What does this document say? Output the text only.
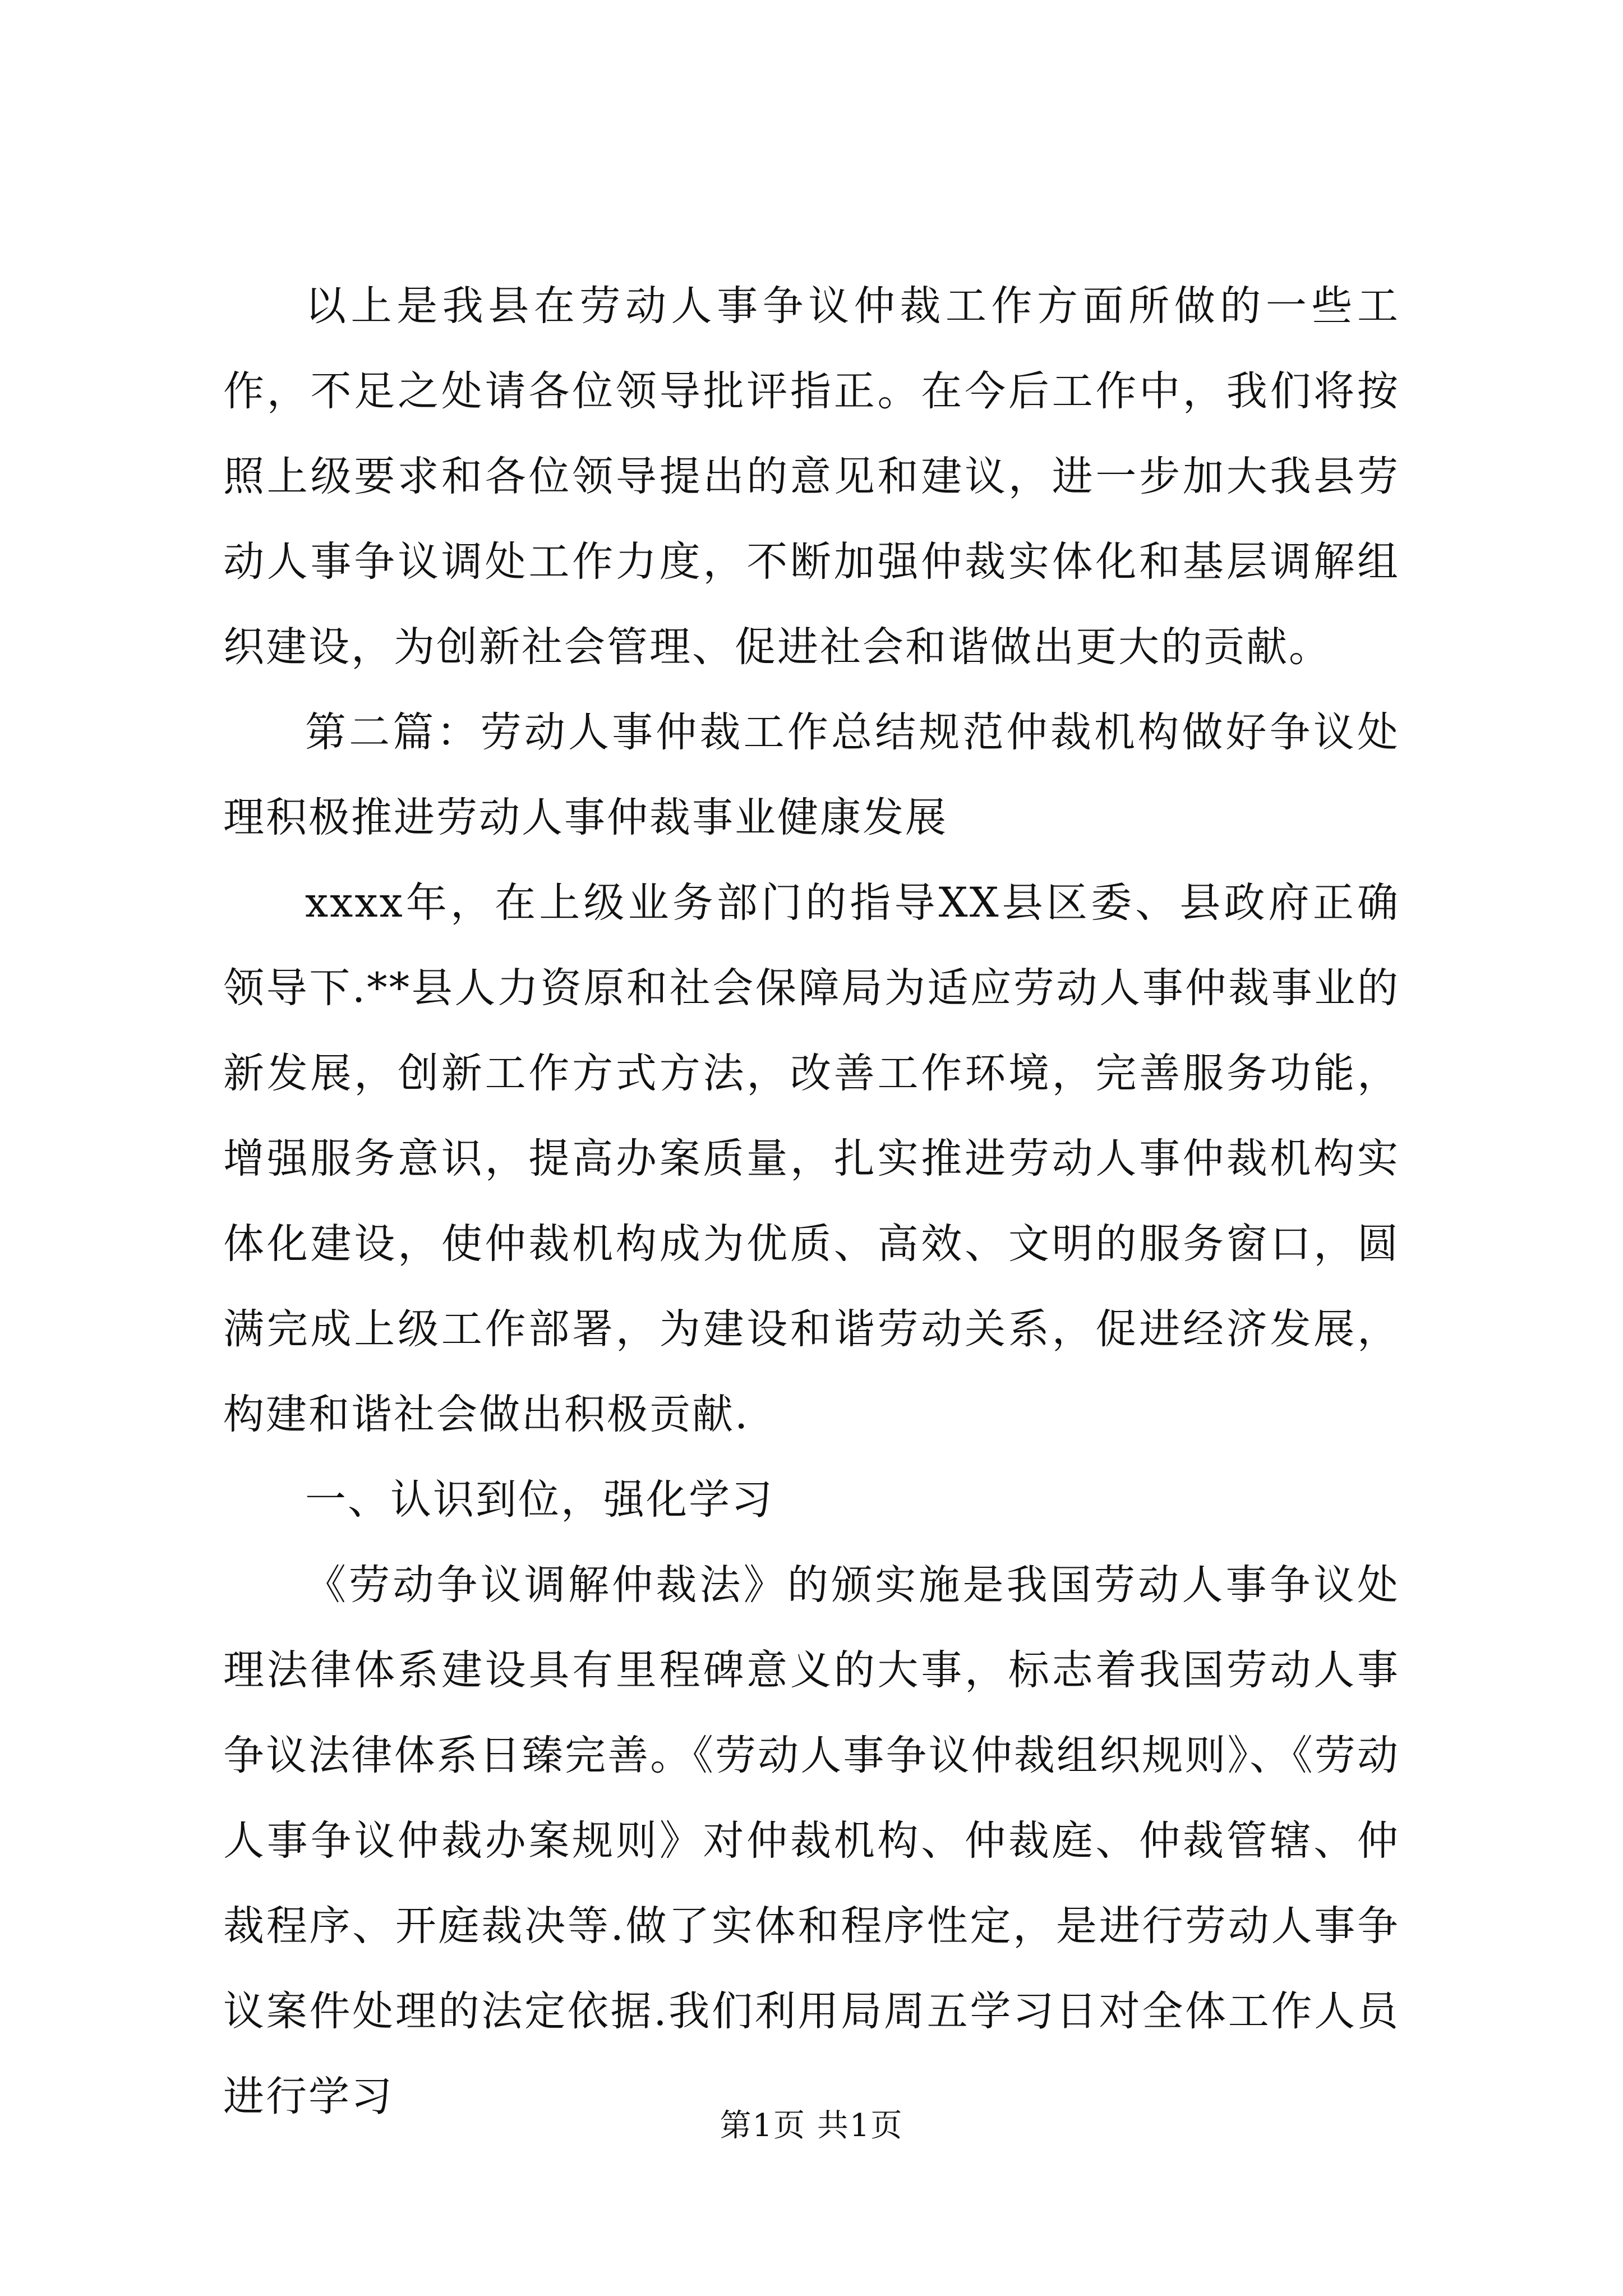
以上是我县在劳动人事争议仲裁工作方面所做的一些工作，不足之处请各位领导批评指正。在今后工作中，我们将按照上级要求和各位领导提出的意见和建议，进一步加大我县劳动人事争议调处工作力度，不断加强仲裁实体化和基层调解组织建设，为创新社会管理、促进社会和谐做出更大的贡献。

第二篇：劳动人事仲裁工作总结规范仲裁机构做好争议处理积极推进劳动人事仲裁事业健康发展

xxxx年，在上级业务部门的指导XX县区委、县政府正确领导下.**县人力资原和社会保障局为适应劳动人事仲裁事业的新发展，创新工作方式方法，改善工作环境，完善服务功能，增强服务意识，提高办案质量，扎实推进劳动人事仲裁机构实体化建设，使仲裁机构成为优质、高效、文明的服务窗口，圆满完成上级工作部署，为建设和谐劳动关系，促进经济发展，构建和谐社会做出积极贡献.

一、认识到位，强化学习

《劳动争议调解仲裁法》的颁实施是我国劳动人事争议处理法律体系建设具有里程碑意义的大事，标志着我国劳动人事争议法律体系日臻完善。《劳动人事争议仲裁组织规则》、《劳动人事争议仲裁办案规则》对仲裁机构、仲裁庭、仲裁管辖、仲裁程序、开庭裁决等.做了实体和程序性定，是进行劳动人事争议案件处理的法定依据.我们利用局周五学习日对全体工作人员进行学习

第1页 共1页
